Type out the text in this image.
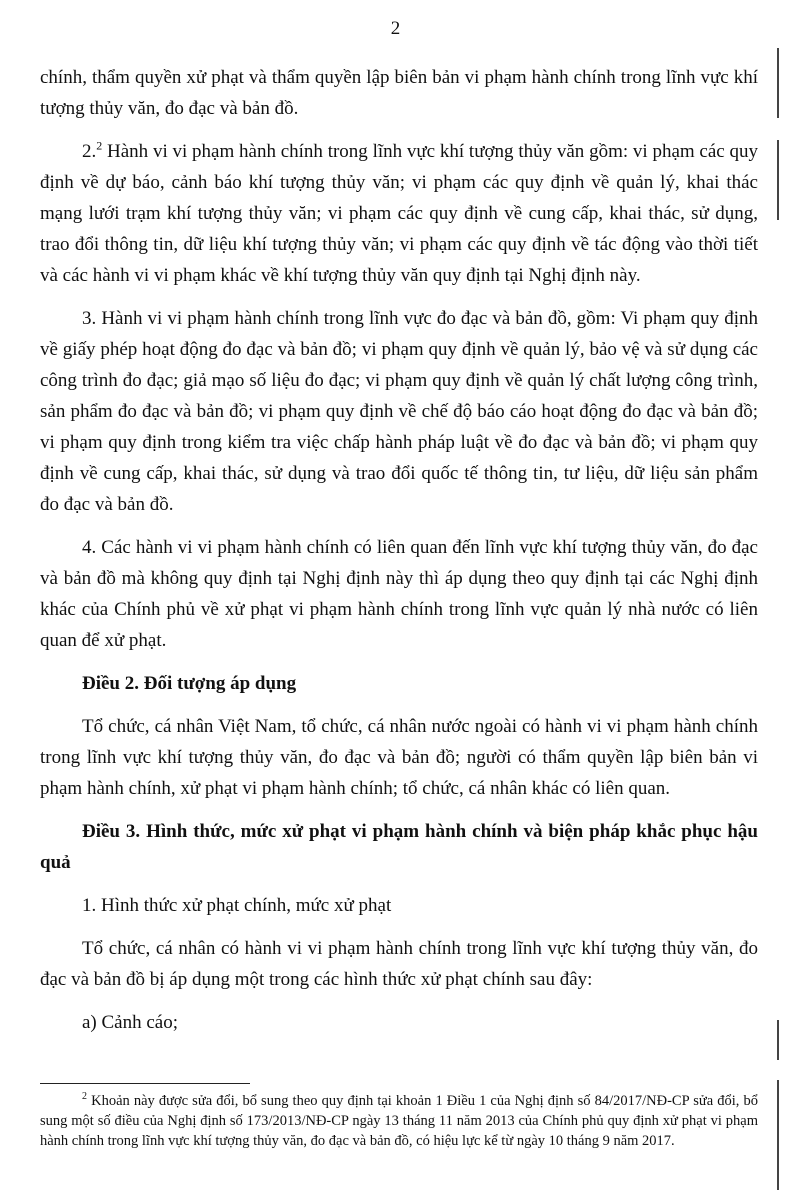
2

chính, thẩm quyền xử phạt và thẩm quyền lập biên bản vi phạm hành chính trong lĩnh vực khí tượng thủy văn, đo đạc và bản đồ.

2.$^2$ Hành vi vi phạm hành chính trong lĩnh vực khí tượng thủy văn gồm: vi phạm các quy định về dự báo, cảnh báo khí tượng thủy văn; vi phạm các quy định về quản lý, khai thác mạng lưới trạm khí tượng thủy văn; vi phạm các quy định về cung cấp, khai thác, sử dụng, trao đổi thông tin, dữ liệu khí tượng thủy văn; vi phạm các quy định về tác động vào thời tiết và các hành vi vi phạm khác về khí tượng thủy văn quy định tại Nghị định này.

3. Hành vi vi phạm hành chính trong lĩnh vực đo đạc và bản đồ, gồm: Vi phạm quy định về giấy phép hoạt động đo đạc và bản đồ; vi phạm quy định về quản lý, bảo vệ và sử dụng các công trình đo đạc; giả mạo số liệu đo đạc; vi phạm quy định về quản lý chất lượng công trình, sản phẩm đo đạc và bản đồ; vi phạm quy định về chế độ báo cáo hoạt động đo đạc và bản đồ; vi phạm quy định trong kiểm tra việc chấp hành pháp luật về đo đạc và bản đồ; vi phạm quy định về cung cấp, khai thác, sử dụng và trao đổi quốc tế thông tin, tư liệu, dữ liệu sản phẩm đo đạc và bản đồ.

4. Các hành vi vi phạm hành chính có liên quan đến lĩnh vực khí tượng thủy văn, đo đạc và bản đồ mà không quy định tại Nghị định này thì áp dụng theo quy định tại các Nghị định khác của Chính phủ về xử phạt vi phạm hành chính trong lĩnh vực quản lý nhà nước có liên quan để xử phạt.

Điều 2. Đối tượng áp dụng

Tổ chức, cá nhân Việt Nam, tổ chức, cá nhân nước ngoài có hành vi vi phạm hành chính trong lĩnh vực khí tượng thủy văn, đo đạc và bản đồ; người có thẩm quyền lập biên bản vi phạm hành chính, xử phạt vi phạm hành chính; tổ chức, cá nhân khác có liên quan.

Điều 3. Hình thức, mức xử phạt vi phạm hành chính và biện pháp khắc phục hậu quả

1. Hình thức xử phạt chính, mức xử phạt

Tổ chức, cá nhân có hành vi vi phạm hành chính trong lĩnh vực khí tượng thủy văn, đo đạc và bản đồ bị áp dụng một trong các hình thức xử phạt chính sau đây:

a) Cảnh cáo;

$^2$ Khoản này được sửa đổi, bổ sung theo quy định tại khoản 1 Điều 1 của Nghị định số 84/2017/NĐ-CP sửa đổi, bổ sung một số điều của Nghị định số 173/2013/NĐ-CP ngày 13 tháng 11 năm 2013 của Chính phủ quy định xử phạt vi phạm hành chính trong lĩnh vực khí tượng thủy văn, đo đạc và bản đồ, có hiệu lực kể từ ngày 10 tháng 9 năm 2017.
